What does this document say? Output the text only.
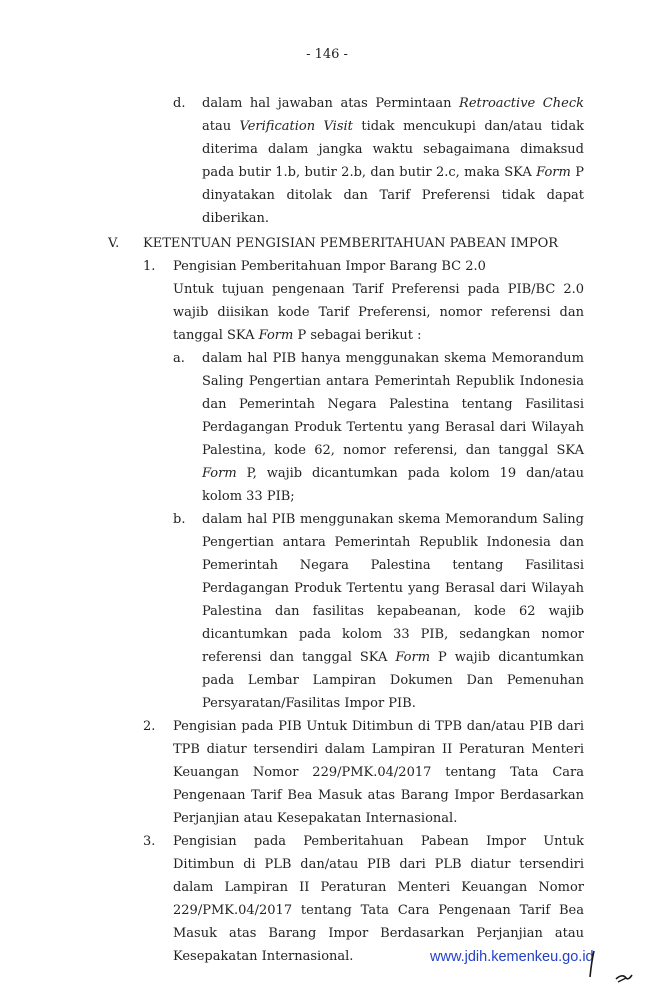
- 146 -
d. dalam hal jawaban atas Permintaan Retroactive Check atau Verification Visit tidak mencukupi dan/atau tidak diterima dalam jangka waktu sebagaimana dimaksud pada butir 1.b, butir 2.b, dan butir 2.c, maka SKA Form P dinyatakan ditolak dan Tarif Preferensi tidak dapat diberikan.
V. KETENTUAN PENGISIAN PEMBERITAHUAN PABEAN IMPOR
1. Pengisian Pemberitahuan Impor Barang BC 2.0
Untuk tujuan pengenaan Tarif Preferensi pada PIB/BC 2.0 wajib diisikan kode Tarif Preferensi, nomor referensi dan tanggal SKA Form P sebagai berikut :
a. dalam hal PIB hanya menggunakan skema Memorandum Saling Pengertian antara Pemerintah Republik Indonesia dan Pemerintah Negara Palestina tentang Fasilitasi Perdagangan Produk Tertentu yang Berasal dari Wilayah Palestina, kode 62, nomor referensi, dan tanggal SKA Form P, wajib dicantumkan pada kolom 19 dan/atau kolom 33 PIB;
b. dalam hal PIB menggunakan skema Memorandum Saling Pengertian antara Pemerintah Republik Indonesia dan Pemerintah Negara Palestina tentang Fasilitasi Perdagangan Produk Tertentu yang Berasal dari Wilayah Palestina dan fasilitas kepabeanan, kode 62 wajib dicantumkan pada kolom 33 PIB, sedangkan nomor referensi dan tanggal SKA Form P wajib dicantumkan pada Lembar Lampiran Dokumen Dan Pemenuhan Persyaratan/Fasilitas Impor PIB.
2. Pengisian pada PIB Untuk Ditimbun di TPB dan/atau PIB dari TPB diatur tersendiri dalam Lampiran II Peraturan Menteri Keuangan Nomor 229/PMK.04/2017 tentang Tata Cara Pengenaan Tarif Bea Masuk atas Barang Impor Berdasarkan Perjanjian atau Kesepakatan Internasional.
3. Pengisian pada Pemberitahuan Pabean Impor Untuk Ditimbun di PLB dan/atau PIB dari PLB diatur tersendiri dalam Lampiran II Peraturan Menteri Keuangan Nomor 229/PMK.04/2017 tentang Tata Cara Pengenaan Tarif Bea Masuk atas Barang Impor Berdasarkan Perjanjian atau Kesepakatan Internasional.	www.jdih.kemenkeu.go.id
